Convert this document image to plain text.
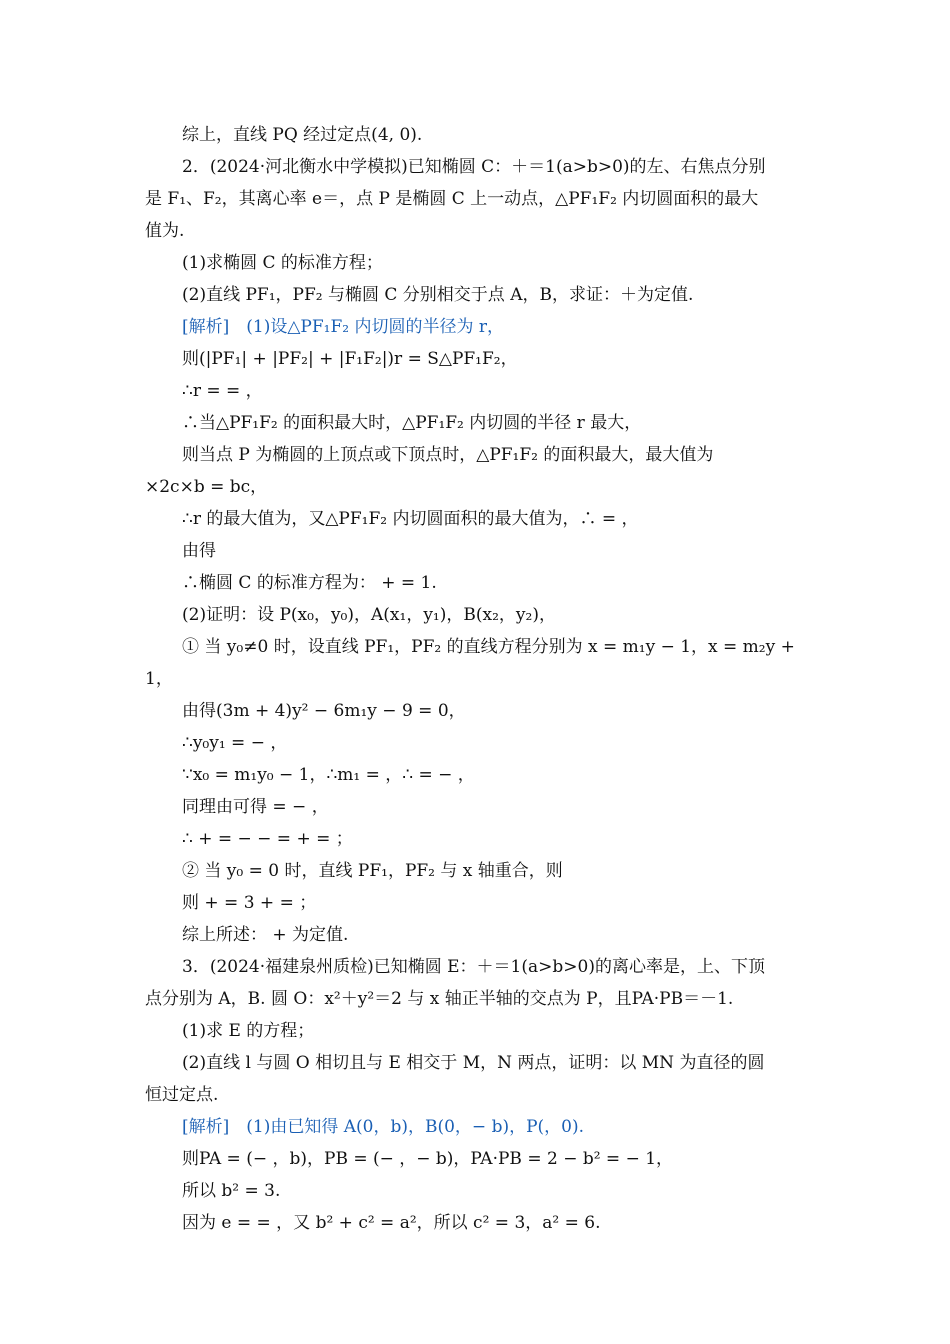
综上，直线 PQ 经过定点(4, 0).
2．(2024·河北衡水中学模拟)已知椭圆 C：＋＝1(a>b>0)的左、右焦点分别
是 F₁、F₂，其离心率 e＝，点 P 是椭圆 C 上一动点，△PF₁F₂ 内切圆面积的最大
值为.
(1)求椭圆 C 的标准方程；
(2)直线 PF₁，PF₂ 与椭圆 C 分别相交于点 A，B，求证：＋为定值.
[解析]　(1)设△PF₁F₂ 内切圆的半径为 r，
则(|PF₁| + |PF₂| + |F₁F₂|)r = S△PF₁F₂，
∴r = = ，
∴当△PF₁F₂ 的面积最大时，△PF₁F₂ 内切圆的半径 r 最大，
则当点 P 为椭圆的上顶点或下顶点时，△PF₁F₂ 的面积最大，最大值为
×2c×b = bc，
∴r 的最大值为，又△PF₁F₂ 内切圆面积的最大值为，∴ = ，
由得
∴椭圆 C 的标准方程为： + = 1.
(2)证明：设 P(x₀，y₀)，A(x₁，y₁)，B(x₂，y₂)，
① 当 y₀≠0 时，设直线 PF₁，PF₂ 的直线方程分别为 x = m₁y − 1，x = m₂y +
1，
由得(3m + 4)y² − 6m₁y − 9 = 0，
∴y₀y₁ = − ，
∵x₀ = m₁y₀ − 1，∴m₁ = ，∴ = − ，
同理由可得 = − ，
∴ + = − − = + = ；
② 当 y₀ = 0 时，直线 PF₁，PF₂ 与 x 轴重合，则
则 + = 3 + = ；
综上所述： + 为定值.
3．(2024·福建泉州质检)已知椭圆 E：＋＝1(a>b>0)的离心率是，上、下顶
点分别为 A，B. 圆 O：x²＋y²＝2 与 x 轴正半轴的交点为 P，且PA·PB＝－1.
(1)求 E 的方程；
(2)直线 l 与圆 O 相切且与 E 相交于 M，N 两点，证明：以 MN 为直径的圆
恒过定点.
[解析]　(1)由已知得 A(0，b)，B(0，− b)，P(，0).
则PA = (− ，b)，PB = (− ，− b)，PA·PB = 2 − b² = − 1，
所以 b² = 3.
因为 e = = ，又 b² + c² = a²，所以 c² = 3，a² = 6.
